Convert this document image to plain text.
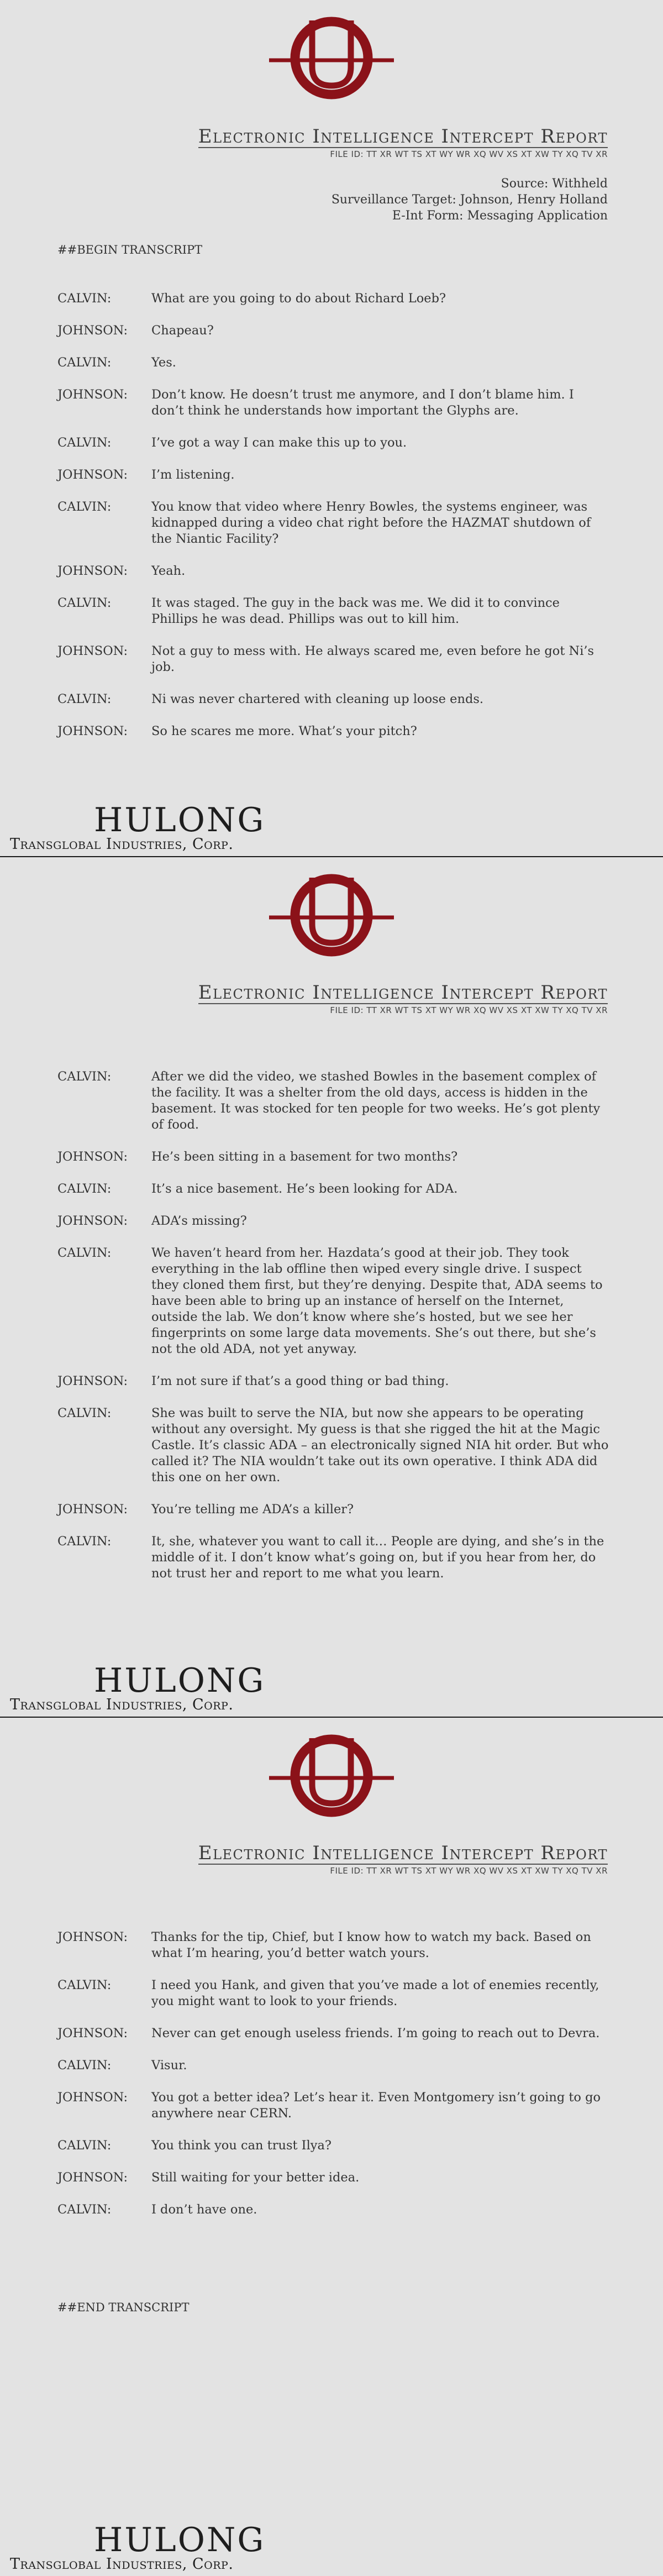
Electronic Intelligence Intercept Report
FILE ID: TT XR WT TS XT WY WR XQ WV XS XT XW TY XQ TV XR
Source: Withheld
Surveillance Target: Johnson, Henry Holland
E-Int Form: Messaging Application
##BEGIN TRANSCRIPT
CALVIN:	What are you going to do about Richard Loeb?
JOHNSON:	Chapeau?
CALVIN:	Yes.
JOHNSON:	Don’t know. He doesn’t trust me anymore, and I don’t blame him. I don’t think he understands how important the Glyphs are.
CALVIN:	I’ve got a way I can make this up to you.
JOHNSON:	I’m listening.
CALVIN:	You know that video where Henry Bowles, the systems engineer, was kidnapped during a video chat right before the HAZMAT shutdown of the Niantic Facility?
JOHNSON:	Yeah.
CALVIN:	It was staged. The guy in the back was me. We did it to convince Phillips he was dead. Phillips was out to kill him.
JOHNSON:	Not a guy to mess with. He always scared me, even before he got Ni’s job.
CALVIN:	Ni was never chartered with cleaning up loose ends.
JOHNSON:	So he scares me more. What’s your pitch?
HULONG
Transglobal Industries, Corp.
Electronic Intelligence Intercept Report
FILE ID: TT XR WT TS XT WY WR XQ WV XS XT XW TY XQ TV XR
CALVIN:	After we did the video, we stashed Bowles in the basement complex of the facility. It was a shelter from the old days, access is hidden in the basement. It was stocked for ten people for two weeks. He’s got plenty of food.
JOHNSON:	He’s been sitting in a basement for two months?
CALVIN:	It’s a nice basement. He’s been looking for ADA.
JOHNSON:	ADA’s missing?
CALVIN:	We haven’t heard from her. Hazdata’s good at their job. They took everything in the lab offline then wiped every single drive. I suspect they cloned them first, but they’re denying. Despite that, ADA seems to have been able to bring up an instance of herself on the Internet, outside the lab. We don’t know where she’s hosted, but we see her fingerprints on some large data movements. She’s out there, but she’s not the old ADA, not yet anyway.
JOHNSON:	I’m not sure if that’s a good thing or bad thing.
CALVIN:	She was built to serve the NIA, but now she appears to be operating without any oversight. My guess is that she rigged the hit at the Magic Castle. It’s classic ADA – an electronically signed NIA hit order. But who called it? The NIA wouldn’t take out its own operative. I think ADA did this one on her own.
JOHNSON:	You’re telling me ADA’s a killer?
CALVIN:	It, she, whatever you want to call it… People are dying, and she’s in the middle of it. I don’t know what’s going on, but if you hear from her, do not trust her and report to me what you learn.
HULONG
Transglobal Industries, Corp.
Electronic Intelligence Intercept Report
FILE ID: TT XR WT TS XT WY WR XQ WV XS XT XW TY XQ TV XR
JOHNSON:	Thanks for the tip, Chief, but I know how to watch my back. Based on what I’m hearing, you’d better watch yours.
CALVIN:	I need you Hank, and given that you’ve made a lot of enemies recently, you might want to look to your friends.
JOHNSON:	Never can get enough useless friends. I’m going to reach out to Devra.
CALVIN:	Visur.
JOHNSON:	You got a better idea? Let’s hear it. Even Montgomery isn’t going to go anywhere near CERN.
CALVIN:	You think you can trust Ilya?
JOHNSON:	Still waiting for your better idea.
CALVIN:	I don’t have one.
##END TRANSCRIPT
HULONG
Transglobal Industries, Corp.
